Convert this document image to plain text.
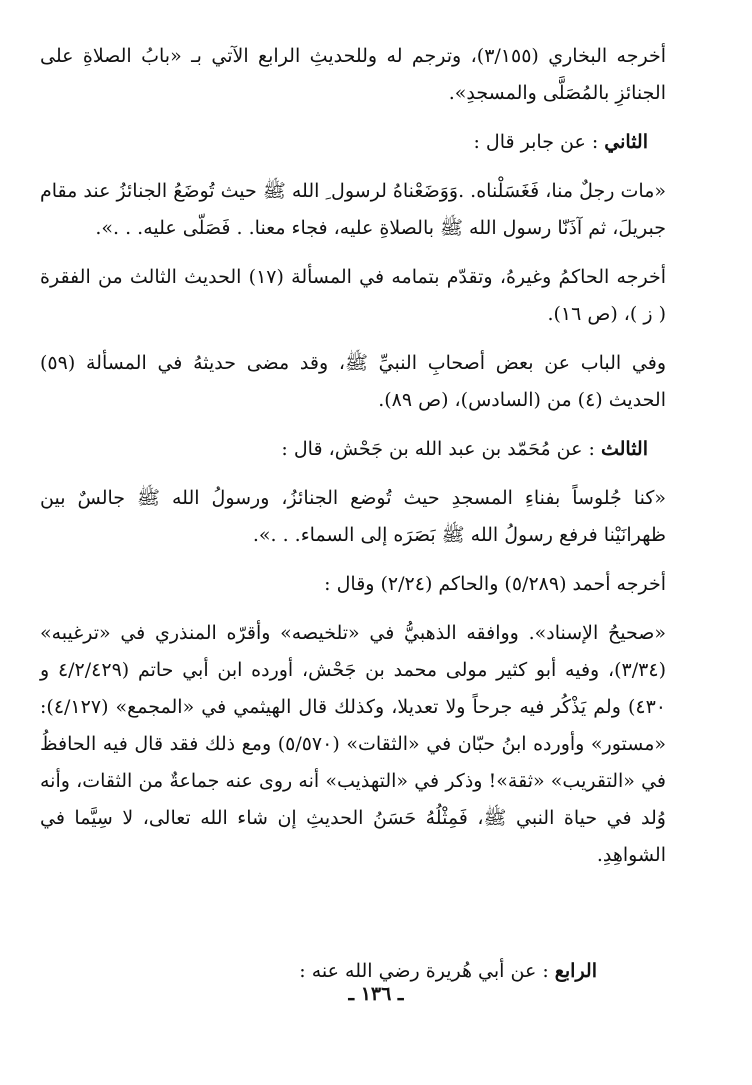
أخرجه البخاري (٣/١٥٥)، وترجم له وللحديثِ الرابع الآتي بـ «بابُ الصلاةِ على الجنائزِ بالمُصَلَّى والمسجدِ».

الثاني : عن جابر قال :

«مات رجلٌ منا، فَغَسَلْناه. .وَوَضَعْناهُ لرسول ِ الله ﷺ حيث تُوضَعُ الجنائزُ عند مقام جبريلَ، ثم آذَنّا رسول الله ﷺ بالصلاةِ عليه، فجاء معنا. . فَصَلّى عليه. . .».

أخرجه الحاكمُ وغيرهُ، وتقدّم بتمامه في المسألة (١٧) الحديث الثالث من الفقرة ( ز )، (ص ١٦).

وفي الباب عن بعض أصحابِ النبيِّ ﷺ، وقد مضى حديثهُ في المسألة (٥٩) الحديث (٤) من (السادس)، (ص ٨٩).

الثالث : عن مُحَمّد بن عبد الله بن جَحْش، قال :

«كنا جُلوساً بفناءِ المسجدِ حيث تُوضع الجنائزُ، ورسولُ الله ﷺ جالسٌ بين ظهرانَيْنا فرفع رسولُ الله ﷺ بَصَرَه إلى السماء. . .».

أخرجه أحمد (٥/٢٨٩) والحاكم (٢/٢٤) وقال :

«صحيحُ الإسناد». ووافقه الذهبيُّ في «تلخيصه» وأقرّه المنذري في «ترغيبه» (٣/٣٤)، وفيه أبو كثير مولى محمد بن جَحْش، أورده ابن أبي حاتم (٤/٢/٤٢٩ و ٤٣٠) ولم يَذْكُر فيه جرحاً ولا تعديلا، وكذلك قال الهيثمي في «المجمع» (٤/١٢٧): «مستور» وأورده ابنُ حبّان في «الثقات» (٥/٥٧٠) ومع ذلك فقد قال فيه الحافظُ في «التقريب» «ثقة»! وذكر في «التهذيب» أنه روى عنه جماعةٌ من الثقات، وأنه وُلد في حياة النبي ﷺ، فَمِثْلُهُ حَسَنُ الحديثِ إن شاء الله تعالى، لا سِيَّما في الشواهِدِ.

الرابع : عن أبي هُريرة رضي الله عنه :

ـ ١٣٦ ـ
